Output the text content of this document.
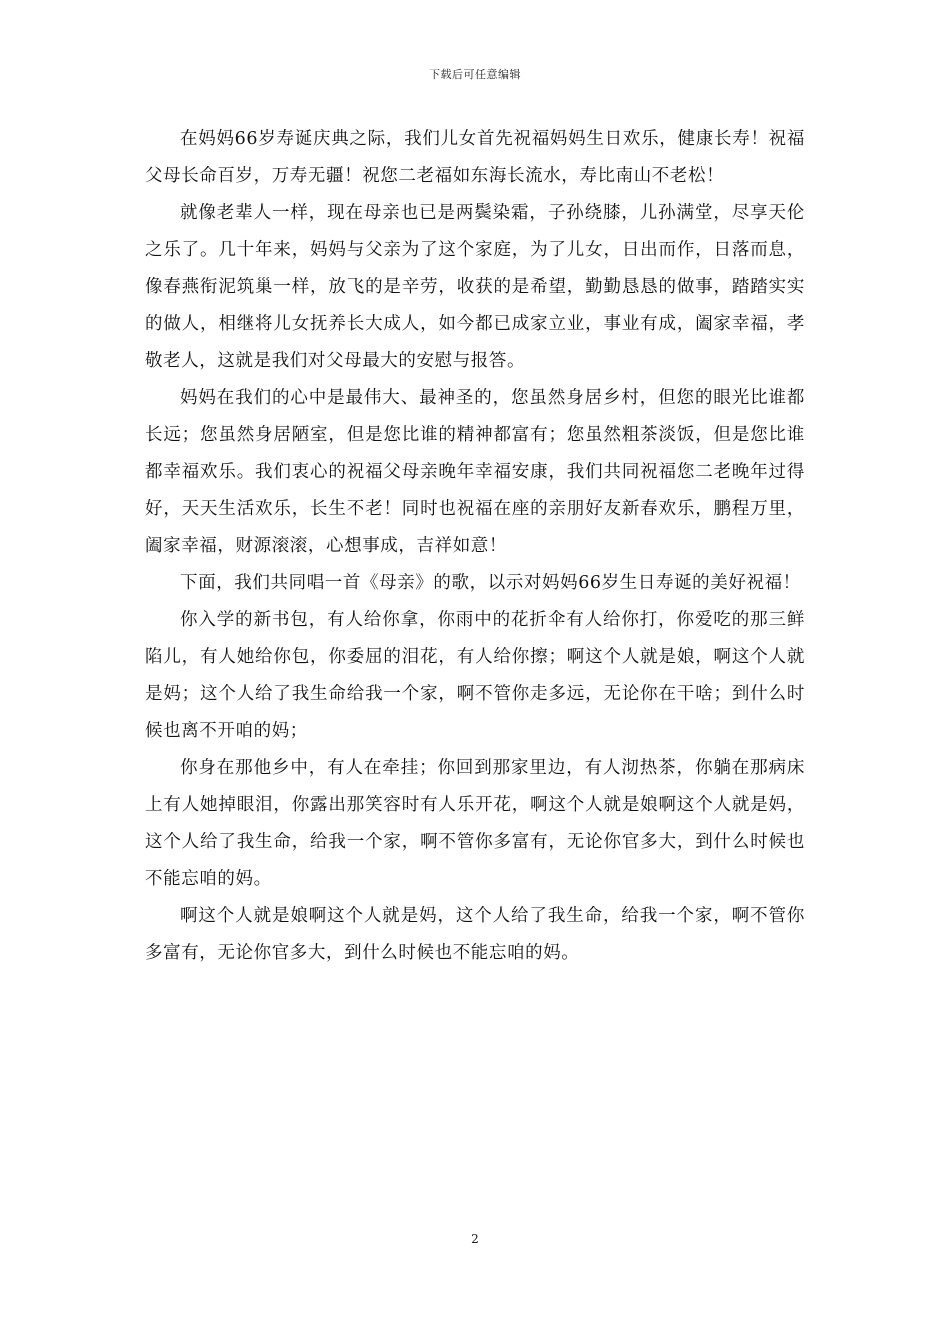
下载后可任意编辑

在妈妈66岁寿诞庆典之际，我们儿女首先祝福妈妈生日欢乐，健康长寿！祝福父母长命百岁，万寿无疆！祝您二老福如东海长流水，寿比南山不老松！

就像老辈人一样，现在母亲也已是两鬓染霜，子孙绕膝，儿孙满堂，尽享天伦之乐了。几十年来，妈妈与父亲为了这个家庭，为了儿女，日出而作，日落而息，像春燕衔泥筑巢一样，放飞的是辛劳，收获的是希望，勤勤恳恳的做事，踏踏实实的做人，相继将儿女抚养长大成人，如今都已成家立业，事业有成，阖家幸福，孝敬老人，这就是我们对父母最大的安慰与报答。

妈妈在我们的心中是最伟大、最神圣的，您虽然身居乡村，但您的眼光比谁都长远；您虽然身居陋室，但是您比谁的精神都富有；您虽然粗茶淡饭，但是您比谁都幸福欢乐。我们衷心的祝福父母亲晚年幸福安康，我们共同祝福您二老晚年过得好，天天生活欢乐，长生不老！同时也祝福在座的亲朋好友新春欢乐，鹏程万里，阖家幸福，财源滚滚，心想事成，吉祥如意！

下面，我们共同唱一首《母亲》的歌，以示对妈妈66岁生日寿诞的美好祝福！

你入学的新书包，有人给你拿，你雨中的花折伞有人给你打，你爱吃的那三鲜陷儿，有人她给你包，你委屈的泪花，有人给你擦；啊这个人就是娘，啊这个人就是妈；这个人给了我生命给我一个家，啊不管你走多远，无论你在干啥；到什么时候也离不开咱的妈；

你身在那他乡中，有人在牵挂；你回到那家里边，有人沏热茶，你躺在那病床上有人她掉眼泪，你露出那笑容时有人乐开花，啊这个人就是娘啊这个人就是妈，这个人给了我生命，给我一个家，啊不管你多富有，无论你官多大，到什么时候也不能忘咱的妈。

啊这个人就是娘啊这个人就是妈，这个人给了我生命，给我一个家，啊不管你多富有，无论你官多大，到什么时候也不能忘咱的妈。

2
